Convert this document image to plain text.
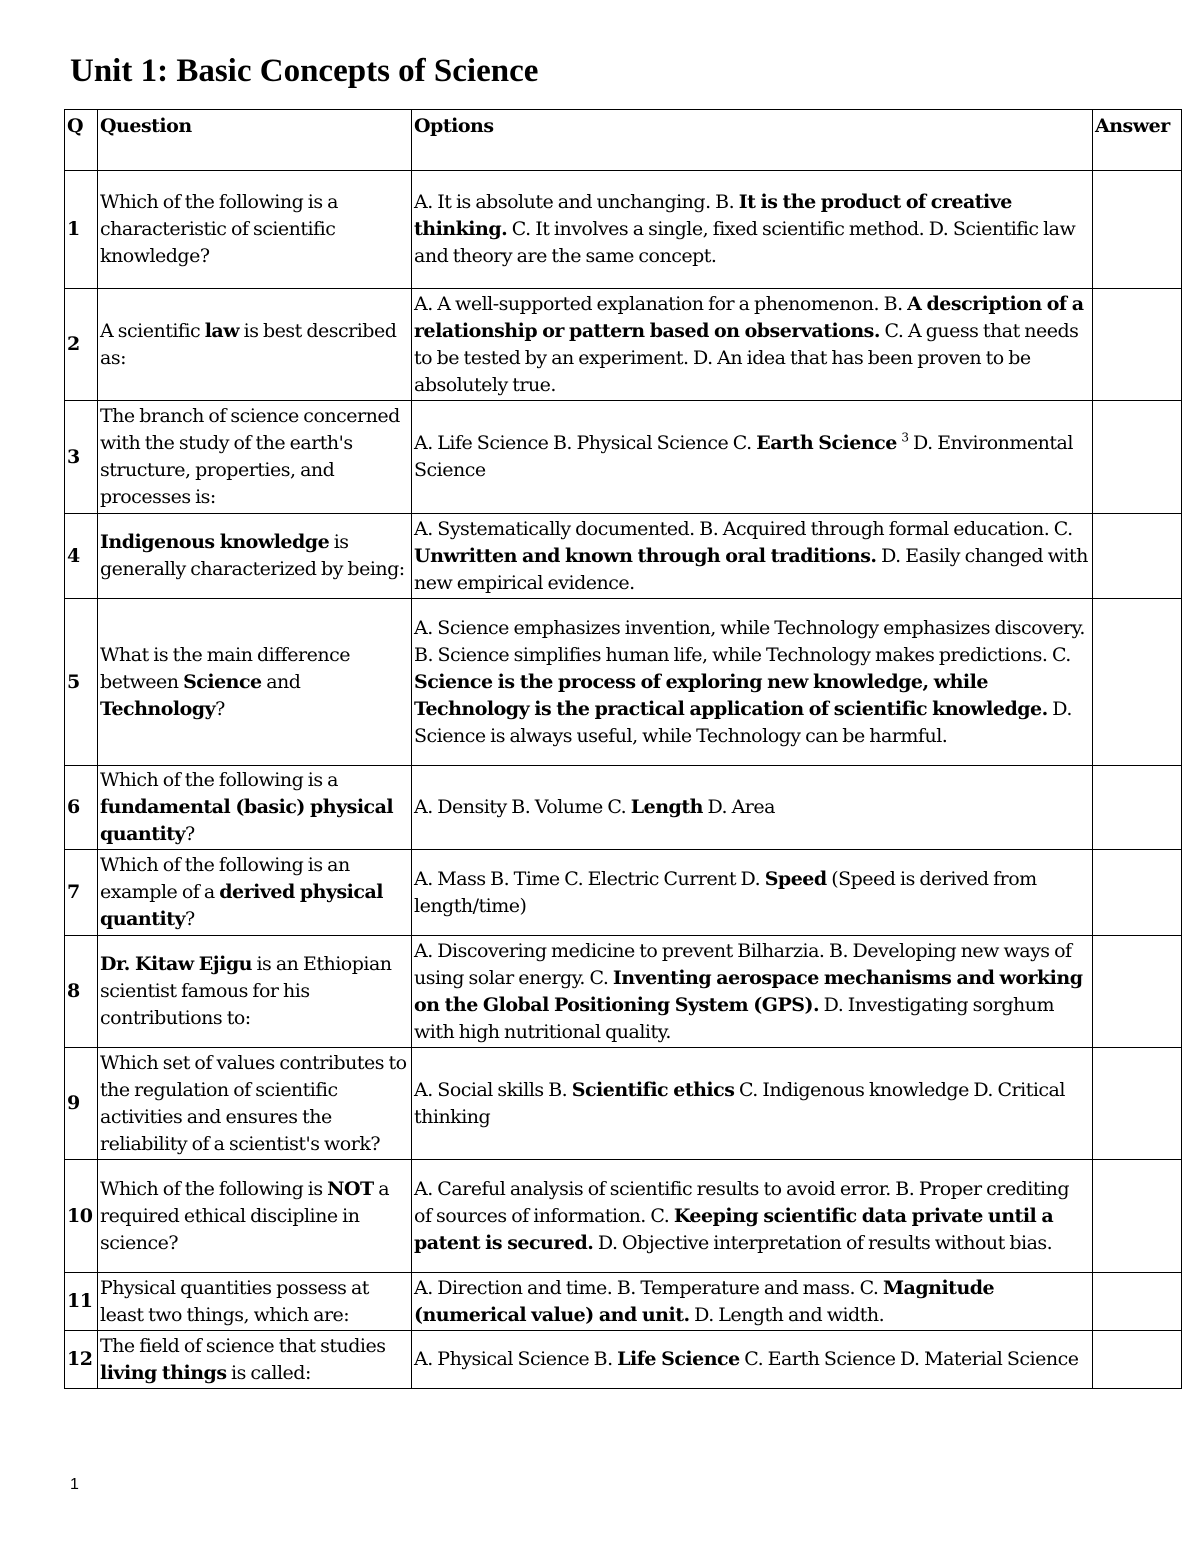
Unit 1: Basic Concepts of Science
Q	Question	Options	Answer
1	Which of the following is a characteristic of scientific knowledge?	A. It is absolute and unchanging. B. It is the product of creative thinking. C. It involves a single, fixed scientific method. D. Scientific law and theory are the same concept.	
2	A scientific law is best described as:	A. A well-supported explanation for a phenomenon. B. A description of a relationship or pattern based on observations. C. A guess that needs to be tested by an experiment. D. An idea that has been proven to be absolutely true.	
3	The branch of science concerned with the study of the earth's structure, properties, and processes is:	A. Life Science B. Physical Science C. Earth Science $^3$ D. Environmental Science	
4	Indigenous knowledge is generally characterized by being:	A. Systematically documented. B. Acquired through formal education. C. Unwritten and known through oral traditions. D. Easily changed with new empirical evidence.	
5	What is the main difference between Science and Technology?	A. Science emphasizes invention, while Technology emphasizes discovery. B. Science simplifies human life, while Technology makes predictions. C. Science is the process of exploring new knowledge, while Technology is the practical application of scientific knowledge. D. Science is always useful, while Technology can be harmful.	
6	Which of the following is a fundamental (basic) physical quantity?	A. Density B. Volume C. Length D. Area	
7	Which of the following is an example of a derived physical quantity?	A. Mass B. Time C. Electric Current D. Speed (Speed is derived from length/time)	
8	Dr. Kitaw Ejigu is an Ethiopian scientist famous for his contributions to:	A. Discovering medicine to prevent Bilharzia. B. Developing new ways of using solar energy. C. Inventing aerospace mechanisms and working on the Global Positioning System (GPS). D. Investigating sorghum with high nutritional quality.	
9	Which set of values contributes to the regulation of scientific activities and ensures the reliability of a scientist's work?	A. Social skills B. Scientific ethics C. Indigenous knowledge D. Critical thinking	
10	Which of the following is NOT a required ethical discipline in science?	A. Careful analysis of scientific results to avoid error. B. Proper crediting of sources of information. C. Keeping scientific data private until a patent is secured. D. Objective interpretation of results without bias.	
11	Physical quantities possess at least two things, which are:	A. Direction and time. B. Temperature and mass. C. Magnitude (numerical value) and unit. D. Length and width.	
12	The field of science that studies living things is called:	A. Physical Science B. Life Science C. Earth Science D. Material Science	
1
